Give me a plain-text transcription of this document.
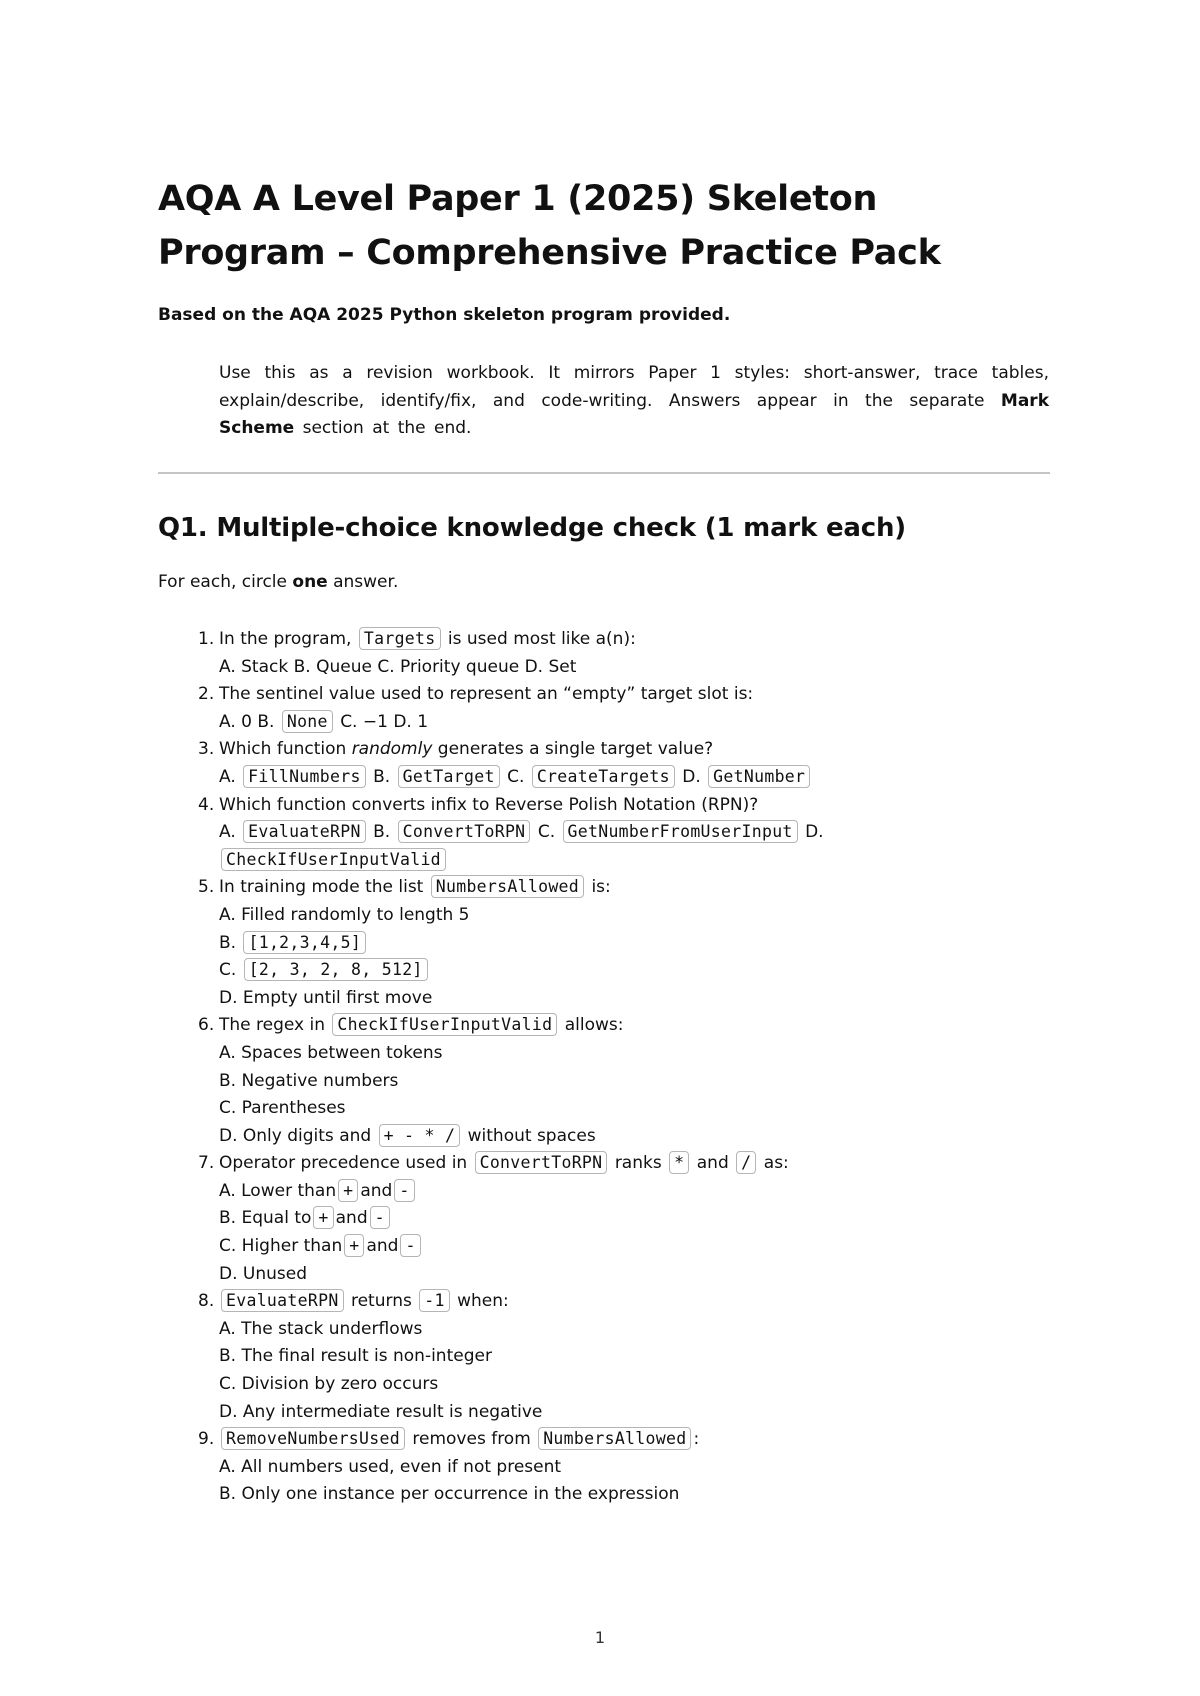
AQA A Level Paper 1 (2025) Skeleton Program – Comprehensive Practice Pack

Based on the AQA 2025 Python skeleton program provided.

Use this as a revision workbook. It mirrors Paper 1 styles: short-answer, trace tables, explain/describe, identify/fix, and code-writing. Answers appear in the separate Mark Scheme section at the end.

Q1. Multiple-choice knowledge check (1 mark each)

For each, circle one answer.

1. In the program, Targets is used most like a(n):
A. Stack B. Queue C. Priority queue D. Set
2. The sentinel value used to represent an “empty” target slot is:
A. 0 B. None C. −1 D. 1
3. Which function randomly generates a single target value?
A. FillNumbers B. GetTarget C. CreateTargets D. GetNumber
4. Which function converts infix to Reverse Polish Notation (RPN)?
A. EvaluateRPN B. ConvertToRPN C. GetNumberFromUserInput D.
CheckIfUserInputValid
5. In training mode the list NumbersAllowed is:
A. Filled randomly to length 5
B. [1,2,3,4,5]
C. [2, 3, 2, 8, 512]
D. Empty until first move
6. The regex in CheckIfUserInputValid allows:
A. Spaces between tokens
B. Negative numbers
C. Parentheses
D. Only digits and + - * / without spaces
7. Operator precedence used in ConvertToRPN ranks * and / as:
A. Lower than + and -
B. Equal to + and -
C. Higher than + and -
D. Unused
8. EvaluateRPN returns -1 when:
A. The stack underflows
B. The final result is non-integer
C. Division by zero occurs
D. Any intermediate result is negative
9. RemoveNumbersUsed removes from NumbersAllowed :
A. All numbers used, even if not present
B. Only one instance per occurrence in the expression
1
